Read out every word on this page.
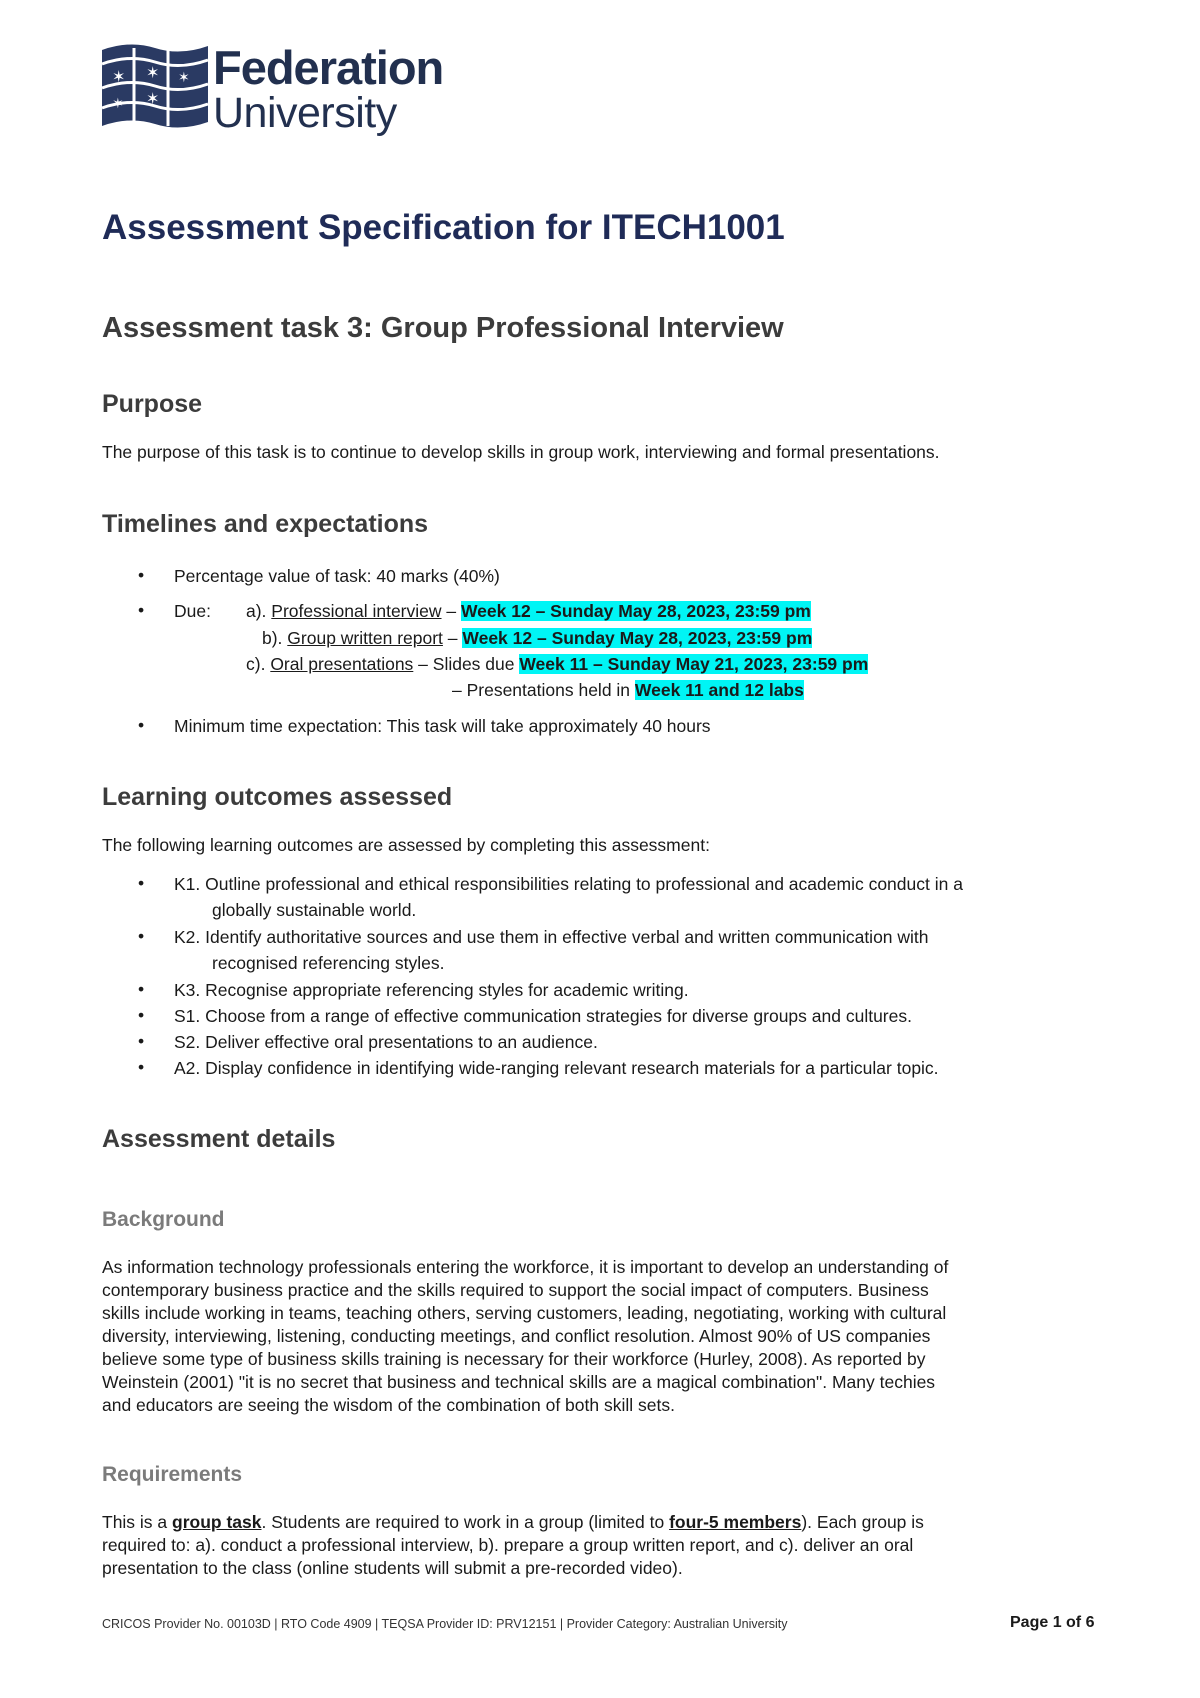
✶ ✶
✶
✶
✶
Federation
University
Assessment Specification for ITECH1001
Assessment task 3: Group Professional Interview
Purpose
The purpose of this task is to continue to develop skills in group work, interviewing and formal presentations.
Timelines and expectations
• Percentage value of task: 40 marks (40%)
• Due: a). Professional interview – Week 12 – Sunday May 28, 2023, 23:59 pm
b). Group written report – Week 12 – Sunday May 28, 2023, 23:59 pm
c). Oral presentations – Slides due Week 11 – Sunday May 21, 2023, 23:59 pm
– Presentations held in Week 11 and 12 labs
• Minimum time expectation: This task will take approximately 40 hours
Learning outcomes assessed
The following learning outcomes are assessed by completing this assessment:
• K1. Outline professional and ethical responsibilities relating to professional and academic conduct in a
globally sustainable world.
• K2. Identify authoritative sources and use them in effective verbal and written communication with
recognised referencing styles.
• K3. Recognise appropriate referencing styles for academic writing.
• S1. Choose from a range of effective communication strategies for diverse groups and cultures.
• S2. Deliver effective oral presentations to an audience.
• A2. Display confidence in identifying wide-ranging relevant research materials for a particular topic.
Assessment details
Background
As information technology professionals entering the workforce, it is important to develop an understanding of
contemporary business practice and the skills required to support the social impact of computers. Business
skills include working in teams, teaching others, serving customers, leading, negotiating, working with cultural
diversity, interviewing, listening, conducting meetings, and conflict resolution. Almost 90% of US companies
believe some type of business skills training is necessary for their workforce (Hurley, 2008). As reported by
Weinstein (2001) "it is no secret that business and technical skills are a magical combination". Many techies
and educators are seeing the wisdom of the combination of both skill sets.
Requirements
This is a group task. Students are required to work in a group (limited to four-5 members). Each group is
required to: a). conduct a professional interview, b). prepare a group written report, and c). deliver an oral
presentation to the class (online students will submit a pre-recorded video).
CRICOS Provider No. 00103D | RTO Code 4909 | TEQSA Provider ID: PRV12151 | Provider Category: Australian University	Page 1 of 6
